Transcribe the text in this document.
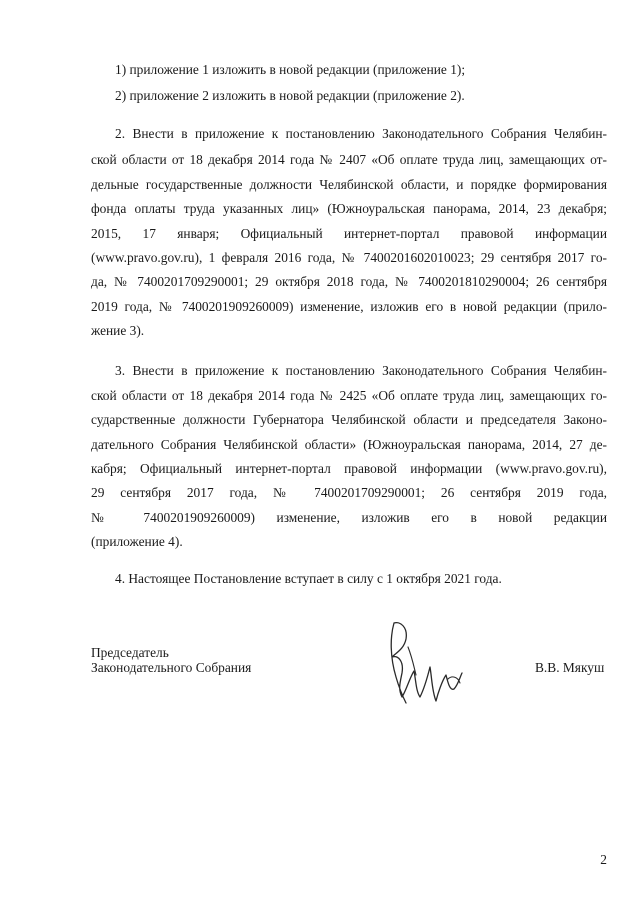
1) приложение 1 изложить в новой редакции (приложение 1);
2) приложение 2 изложить в новой редакции (приложение 2).
2. Внести в приложение к постановлению Законодательного Собрания Челябин-
ской области от 18 декабря 2014 года № 2407 «Об оплате труда лиц, замещающих от-
дельные государственные должности Челябинской области, и порядке формирования
фонда оплаты труда указанных лиц» (Южноуральская панорама, 2014, 23 декабря;
2015, 17 января; Официальный интернет-портал правовой информации
(www.pravo.gov.ru), 1 февраля 2016 года, № 7400201602010023; 29 сентября 2017 го-
да, № 7400201709290001; 29 октября 2018 года, № 7400201810290004; 26 сентября
2019 года, № 7400201909260009) изменение, изложив его в новой редакции (прило-
жение 3).
3. Внести в приложение к постановлению Законодательного Собрания Челябин-
ской области от 18 декабря 2014 года № 2425 «Об оплате труда лиц, замещающих го-
сударственные должности Губернатора Челябинской области и председателя Законо-
дательного Собрания Челябинской области» (Южноуральская панорама, 2014, 27 де-
кабря; Официальный интернет-портал правовой информации (www.pravo.gov.ru),
29 сентября 2017 года, № 7400201709290001; 26 сентября 2019 года,
№ 7400201909260009) изменение, изложив его в новой редакции
(приложение 4).
4. Настоящее Постановление вступает в силу с 1 октября 2021 года.
Председатель
Законодательного Собрания	В.В. Мякуш
2
